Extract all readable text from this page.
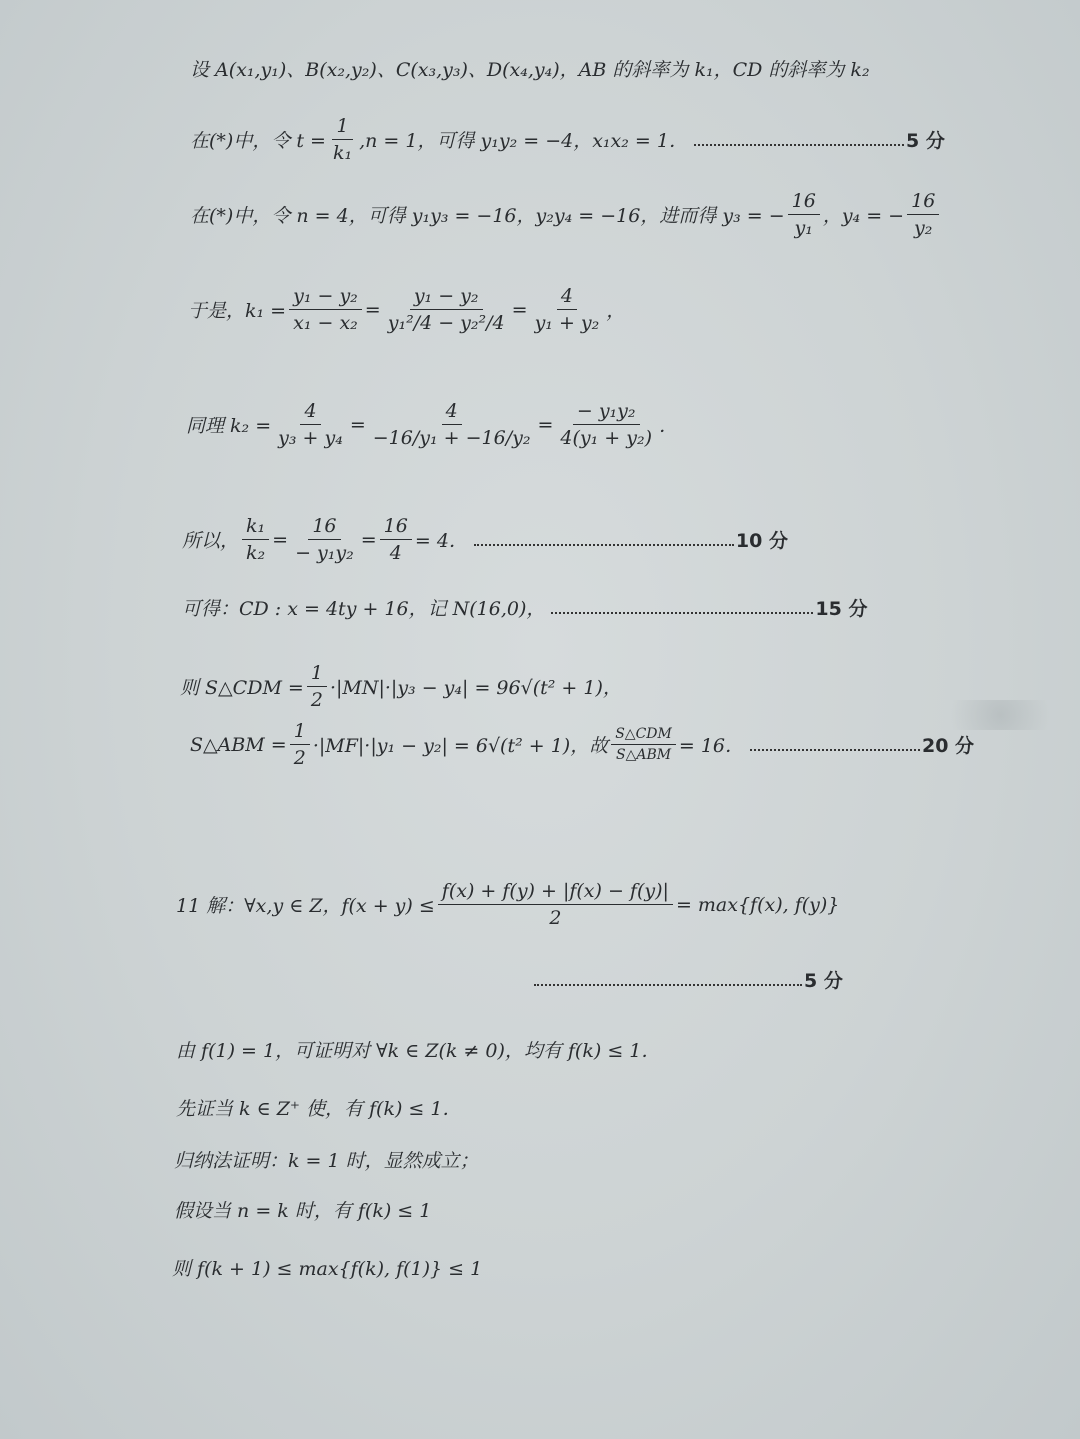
设 A(x₁,y₁)、B(x₂,y₂)、C(x₃,y₃)、D(x₄,y₄)，AB 的斜率为 k₁，CD 的斜率为 k₂
在(*)中，令 $t = \frac{1}{\text{k₁}} ,n = 1$，可得 y₁y₂ = −4，x₁x₂ = 1．	5 分
在(*)中，令 n = 4，可得 y₁y₃ = −16，y₂y₄ = −16，进而得 y₃ = − $\frac{16}{\text{y₁}}$ ，y₄ = − $\frac{16}{\text{y₂}}$
于是，$k_1 = \frac{\text{y₁ − y₂}}{\text{x₁ − x₂}} = \frac{\text{y₁ − y₂}}{\text{y₁²/4 − y₂²/4}} = \frac{4}{\text{y₁ + y₂}}$ ，
同理 $k_2 = \frac{4}{\text{y₃ + y₄}} = \frac{4}{\text{−16/y₁ + −16/y₂}} = \frac{\text{− y₁y₂}}{\text{4(y₁ + y₂)}}$ ．
所以， $\frac{\text{k₁}}{\text{k₂}} = \frac{16}{\text{− y₁y₂}} = \frac{16}{4} = 4$．	10 分
可得：CD : x = 4ty + 16，记 N(16,0)，	15 分
则 S△CDM = $\frac{1}{2} \cdot|MN|\cdot|y_3 - y_4| = 96√(t^2 + 1)$，
S△ABM = $\frac{1}{2} \cdot|MF|\cdot|y_1 - y_2| = 6√(t^2 + 1)$，故 $\frac{\text{S△CDM}}{\text{S△ABM}} = 16$．	20 分
11 解：∀x,y ∈ Z，$f(x + y) \le \frac{f(x) + f(y) + |f(x) - f(y)|}{2} = \max\{f(x)$, f(y)}
5 分
由 f(1) = 1，可证明对 ∀k ∈ Z(k ≠ 0)，均有 f(k) ≤ 1．
先证当 k ∈ Z⁺ 使，有 f(k) ≤ 1．
归纳法证明：k = 1 时，显然成立；
假设当 n = k 时，有 f(k) ≤ 1
则 f(k + 1) ≤ max{f(k), f(1)} ≤ 1
